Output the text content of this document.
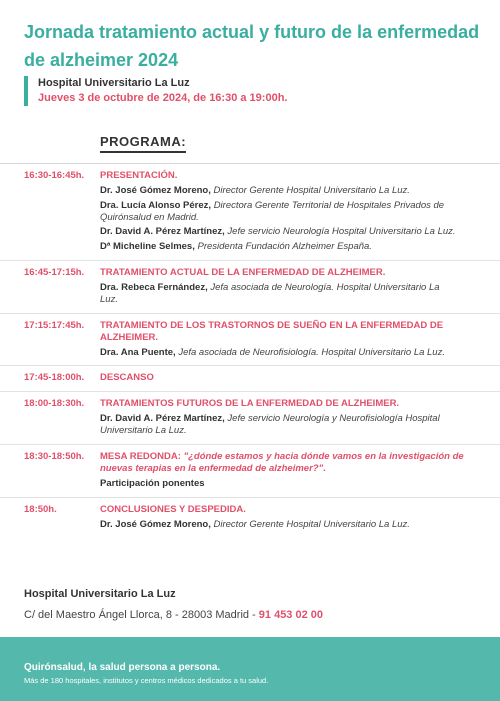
Jornada tratamiento actual y futuro de la enfermedad de alzheimer 2024
Hospital Universitario La Luz
Jueves 3 de octubre de 2024, de 16:30 a 19:00h.
PROGRAMA:
16:30-16:45h.	PRESENTACIÓN.
Dr. José Gómez Moreno, Director Gerente Hospital Universitario La Luz.
Dra. Lucía Alonso Pérez, Directora Gerente Territorial de Hospitales Privados de Quirónsalud en Madrid.
Dr. David A. Pérez Martínez, Jefe servicio Neurología Hospital Universitario La Luz.
Dª Micheline Selmes, Presidenta Fundación Alzheimer España.
16:45-17:15h.	TRATAMIENTO ACTUAL DE LA ENFERMEDAD DE ALZHEIMER.
Dra. Rebeca Fernández, Jefa asociada de Neurología. Hospital Universitario La Luz.
17:15:17:45h.	TRATAMIENTO DE LOS TRASTORNOS DE SUEÑO EN LA ENFERMEDAD DE ALZHEIMER.
Dra. Ana Puente, Jefa asociada de Neurofisiología. Hospital Universitario La Luz.
17:45-18:00h.	DESCANSO
18:00-18:30h.	TRATAMIENTOS FUTUROS DE LA ENFERMEDAD DE ALZHEIMER.
Dr. David A. Pérez Martínez, Jefe servicio Neurología y Neurofisiología Hospital Universitario La Luz.
18:30-18:50h.	MESA REDONDA: "¿dónde estamos y hacia dónde vamos en la investigación de nuevas terapias en la enfermedad de alzheimer?".
Participación ponentes
18:50h.	CONCLUSIONES Y DESPEDIDA.
Dr. José Gómez Moreno, Director Gerente Hospital Universitario La Luz.
Hospital Universitario La Luz
C/ del Maestro Ángel Llorca, 8 - 28003 Madrid - 91 453 02 00
Quirónsalud, la salud persona a persona.
Más de 180 hospitales, institutos y centros médicos dedicados a tu salud.
